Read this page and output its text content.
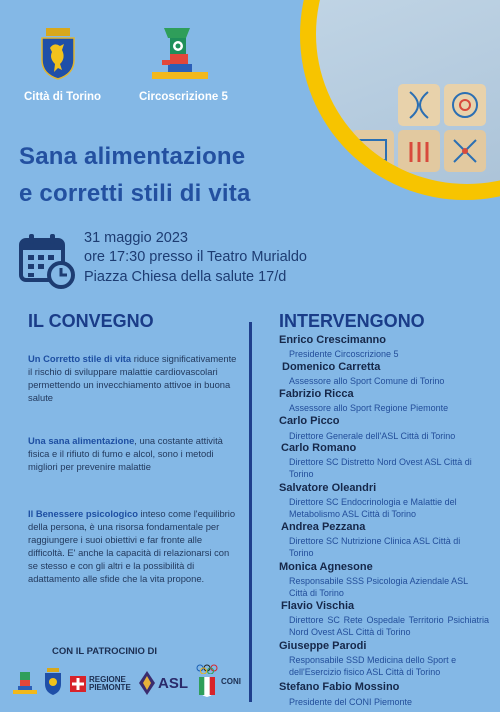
Città di Torino	Circoscrizione 5
Sana alimentazione
e corretti stili di vita
31 maggio 2023
ore 17:30 presso il Teatro Murialdo
Piazza Chiesa della salute 17/d
IL CONVEGNO
Un Corretto stile di vita riduce significativamente il rischio di sviluppare malattie cardiovascolari permettendo un invecchiamento attivoe in buona salute
Una sana alimentazione, una costante attività fisica e il rifiuto di fumo e alcol, sono i metodi migliori per prevenire malattie
Il Benessere psicologico inteso come l'equilibrio della persona, è una risorsa fondamentale per raggiungere i suoi obiettivi e far fronte alle difficoltà. E' anche la capacità di relazionarsi con se stesso e con gli altri e la possibilità di adattamento alle sfide che la vita propone.
INTERVENGONO
Enrico Crescimanno
Presidente Circoscrizione 5
Domenico Carretta
Assessore allo Sport Comune di Torino
Fabrizio Ricca
Assessore allo Sport Regione Piemonte
Carlo Picco
Direttore Generale dell'ASL Città di Torino
Carlo Romano
Direttore SC Distretto Nord Ovest ASL Città di Torino
Salvatore Oleandri
Direttore SC Endocrinologia e Malattie del Metabolismo ASL Città di Torino
Andrea Pezzana
Direttore SC Nutrizione Clinica ASL Città di Torino
Monica Agnesone
Responsabile SSS Psicologia Aziendale ASL Città di Torino
Flavio Vischia
Direttore SC Rete Ospedale Territorio Psichiatria Nord Ovest ASL Città di Torino
Giuseppe Parodi
Responsabile SSD Medicina dello Sport e dell'Esercizio fisico ASL Città di Torino
Stefano Fabio Mossino
Presidente del CONI Piemonte
CON IL PATROCINIO DI
REGIONE
PIEMONTE ASL	CONI
